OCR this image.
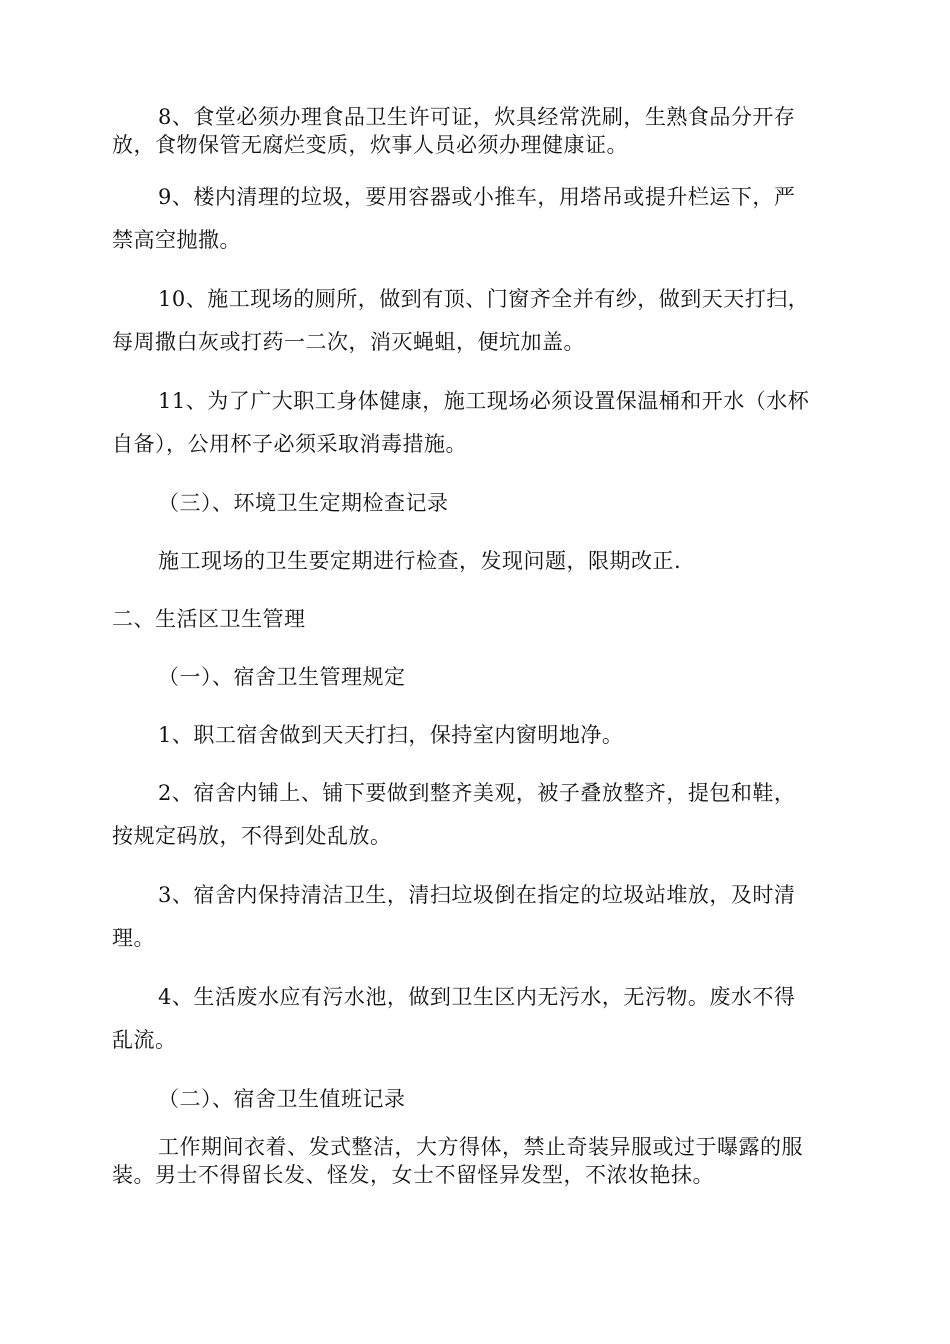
8、食堂必须办理食品卫生许可证，炊具经常洗刷，生熟食品分开存
放，食物保管无腐烂变质，炊事人员必须办理健康证。
9、楼内清理的垃圾，要用容器或小推车，用塔吊或提升栏运下，严
禁高空抛撒。
10、施工现场的厕所，做到有顶、门窗齐全并有纱，做到天天打扫，
每周撒白灰或打药一二次，消灭蝇蛆，便坑加盖。
11、为了广大职工身体健康，施工现场必须设置保温桶和开水（水杯
自备），公用杯子必须采取消毒措施。
（三）、环境卫生定期检查记录
施工现场的卫生要定期进行检查，发现问题，限期改正.
二、生活区卫生管理
（一）、宿舍卫生管理规定
1、职工宿舍做到天天打扫，保持室内窗明地净。
2、宿舍内铺上、铺下要做到整齐美观，被子叠放整齐，提包和鞋，
按规定码放，不得到处乱放。
3、宿舍内保持清洁卫生，清扫垃圾倒在指定的垃圾站堆放，及时清
理。
4、生活废水应有污水池，做到卫生区内无污水，无污物。废水不得
乱流。
（二）、宿舍卫生值班记录
工作期间衣着、发式整洁，大方得体，禁止奇装异服或过于曝露的服
装。男士不得留长发、怪发，女士不留怪异发型，不浓妆艳抹。
